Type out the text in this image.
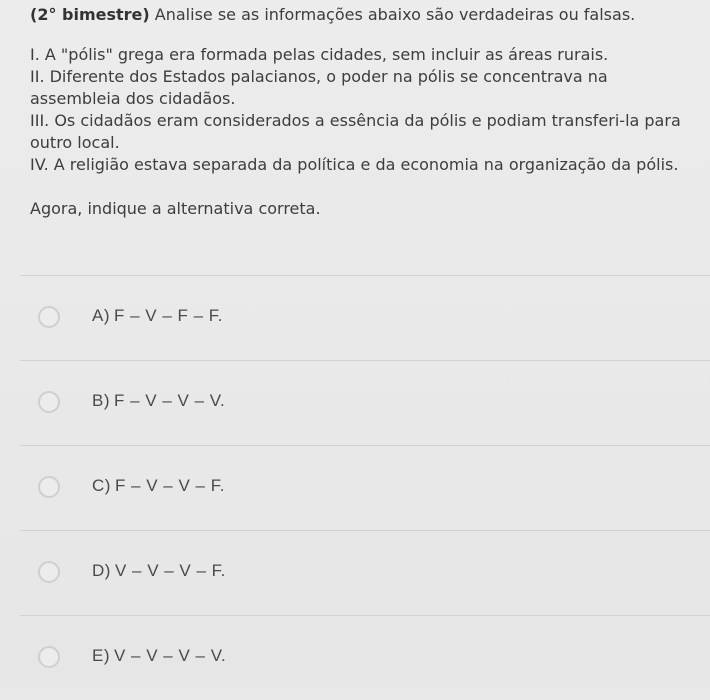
(2° bimestre) Analise se as informações abaixo são verdadeiras ou falsas.

I. A "pólis" grega era formada pelas cidades, sem incluir as áreas rurais.

II. Diferente dos Estados palacianos, o poder na pólis se concentrava na assembleia dos cidadãos.

III. Os cidadãos eram considerados a essência da pólis e podiam transferi-la para outro local.

IV. A religião estava separada da política e da economia na organização da pólis.

Agora, indique a alternativa correta.

A) F – V – F – F.
B) F – V – V – V.
C) F – V – V – F.
D) V – V – V – F.
E) V – V – V – V.
